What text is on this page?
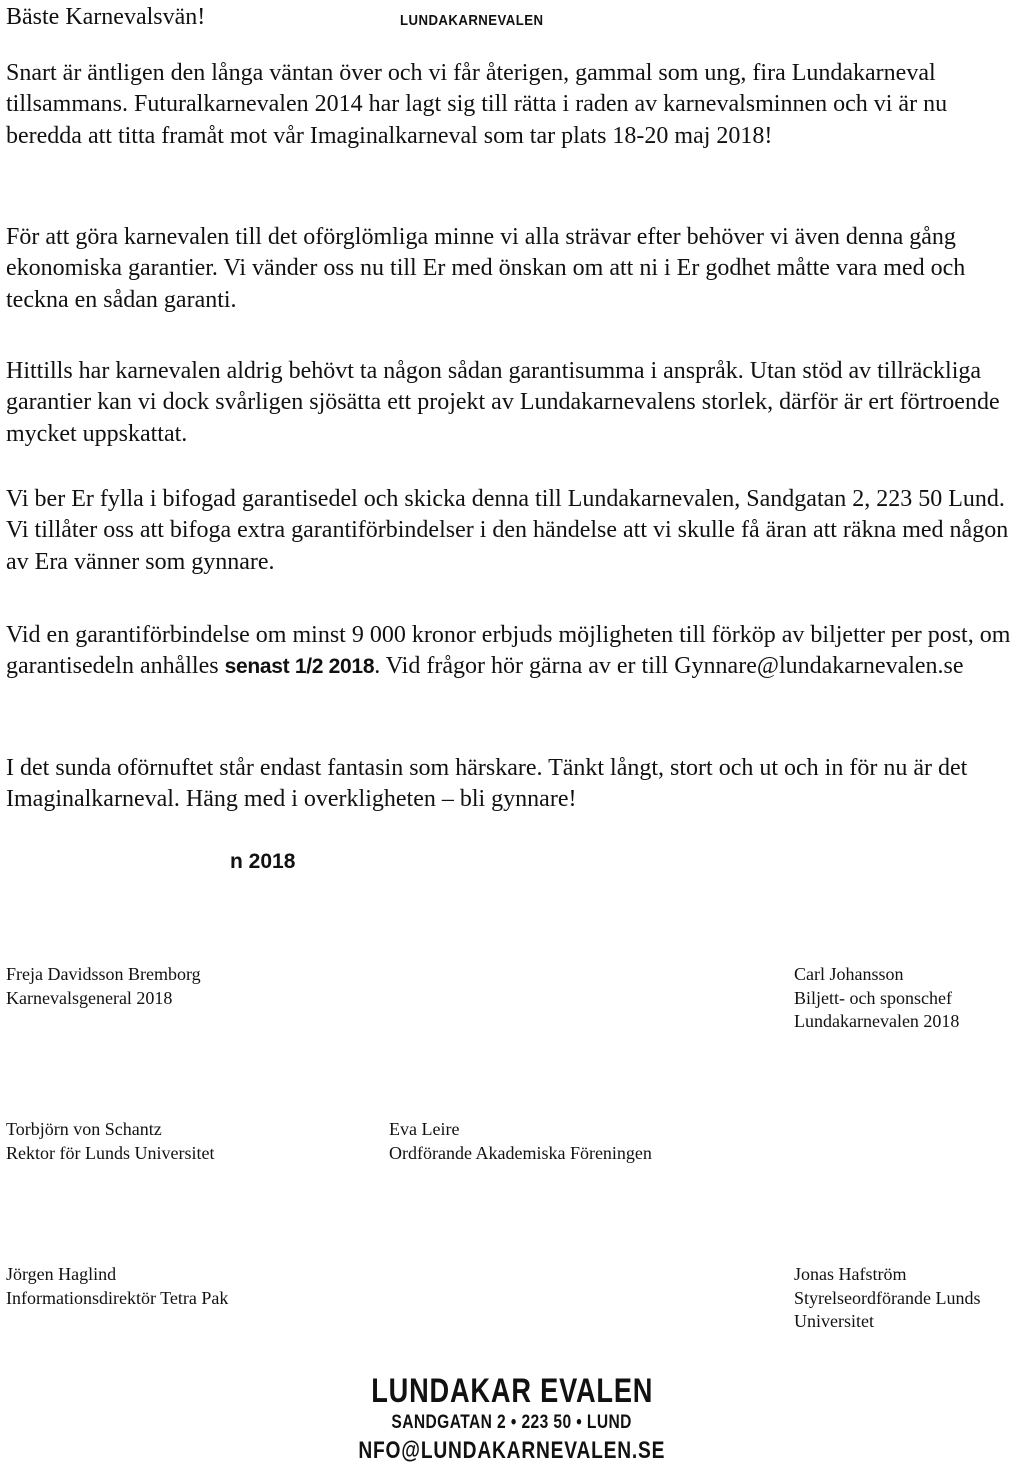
Bäste Karnevalsvän!	LUNDAKARNEVALEN

Snart är äntligen den långa väntan över och vi får återigen, gammal som ung, fira Lundakarneval tillsammans. Futuralkarnevalen 2014 har lagt sig till rätta i raden av karnevalsminnen och vi är nu beredda att titta framåt mot vår Imaginalkarneval som tar plats 18-20 maj 2018!

För att göra karnevalen till det oförglömliga minne vi alla strävar efter behöver vi även denna gång ekonomiska garantier. Vi vänder oss nu till Er med önskan om att ni i Er godhet måtte vara med och teckna en sådan garanti.

Hittills har karnevalen aldrig behövt ta någon sådan garantisumma i anspråk. Utan stöd av tillräckliga garantier kan vi dock svårligen sjösätta ett projekt av Lundakarnevalens storlek, därför är ert förtroende mycket uppskattat.

Vi ber Er fylla i bifogad garantisedel och skicka denna till Lundakarnevalen, Sandgatan 2, 223 50 Lund. Vi tillåter oss att bifoga extra garantiförbindelser i den händelse att vi skulle få äran att räkna med någon av Era vänner som gynnare.

Vid en garantiförbindelse om minst 9 000 kronor erbjuds möjligheten till förköp av biljetter per post, om garantisedeln anhålles senast 1/2 2018. Vid frågor hör gärna av er till Gynnare@lundakarnevalen.se

I det sunda oförnuftet står endast fantasin som härskare. Tänkt långt, stort och ut och in för nu är det Imaginalkarneval. Häng med i overkligheten – bli gynnare!

n 2018
Freja Davidsson Bremborg
Karnevalsgeneral 2018
Carl Johansson
Biljett- och sponschef
Lundakarnevalen 2018
Torbjörn von Schantz
Rektor för Lunds Universitet
Eva Leire
Ordförande Akademiska Föreningen
Jörgen Haglind
Informationsdirektör Tetra Pak
Jonas Hafström
Styrelseordförande Lunds
Universitet
LUNDAKAR EVALEN
SANDGATAN 2 • 223 50 • LUND
NFO@LUNDAKARNEVALEN.SE
